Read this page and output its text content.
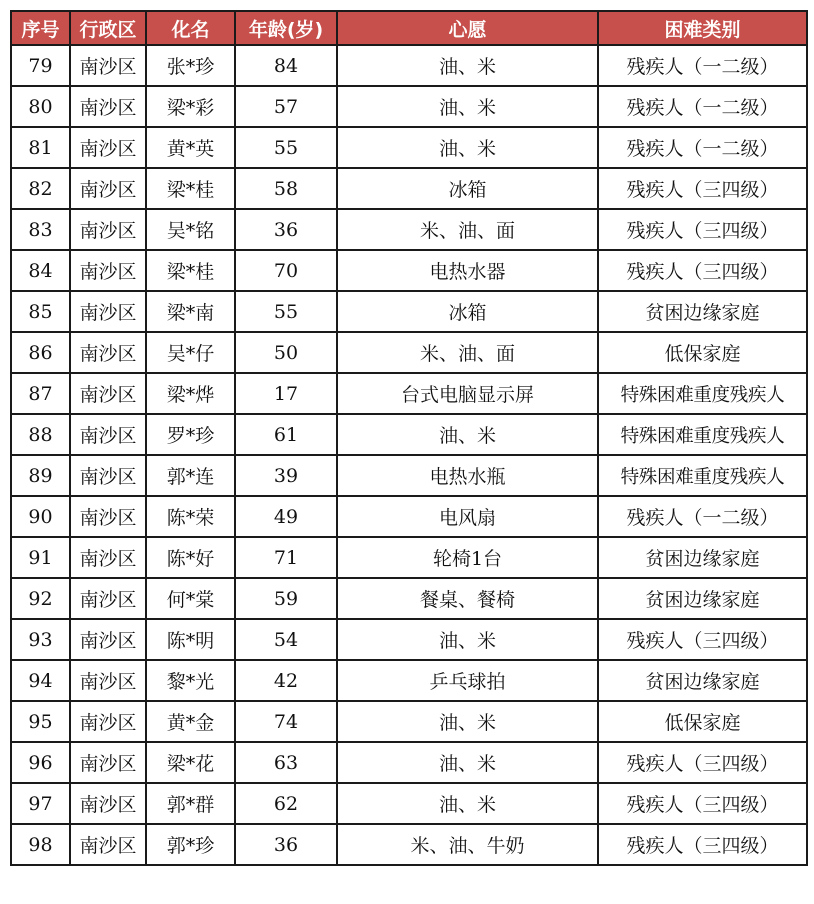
序号	行政区	化名	年龄(岁)	心愿	困难类别
79	南沙区	张*珍	84	油、米	残疾人（一二级）
80	南沙区	梁*彩	57	油、米	残疾人（一二级）
81	南沙区	黄*英	55	油、米	残疾人（一二级）
82	南沙区	梁*桂	58	冰箱	残疾人（三四级）
83	南沙区	吴*铭	36	米、油、面	残疾人（三四级）
84	南沙区	梁*桂	70	电热水器	残疾人（三四级）
85	南沙区	梁*南	55	冰箱	贫困边缘家庭
86	南沙区	吴*仔	50	米、油、面	低保家庭
87	南沙区	梁*烨	17	台式电脑显示屏	特殊困难重度残疾人
88	南沙区	罗*珍	61	油、米	特殊困难重度残疾人
89	南沙区	郭*连	39	电热水瓶	特殊困难重度残疾人
90	南沙区	陈*荣	49	电风扇	残疾人（一二级）
91	南沙区	陈*好	71	轮椅1台	贫困边缘家庭
92	南沙区	何*棠	59	餐桌、餐椅	贫困边缘家庭
93	南沙区	陈*明	54	油、米	残疾人（三四级）
94	南沙区	黎*光	42	乒乓球拍	贫困边缘家庭
95	南沙区	黄*金	74	油、米	低保家庭
96	南沙区	梁*花	63	油、米	残疾人（三四级）
97	南沙区	郭*群	62	油、米	残疾人（三四级）
98	南沙区	郭*珍	36	米、油、牛奶	残疾人（三四级）
